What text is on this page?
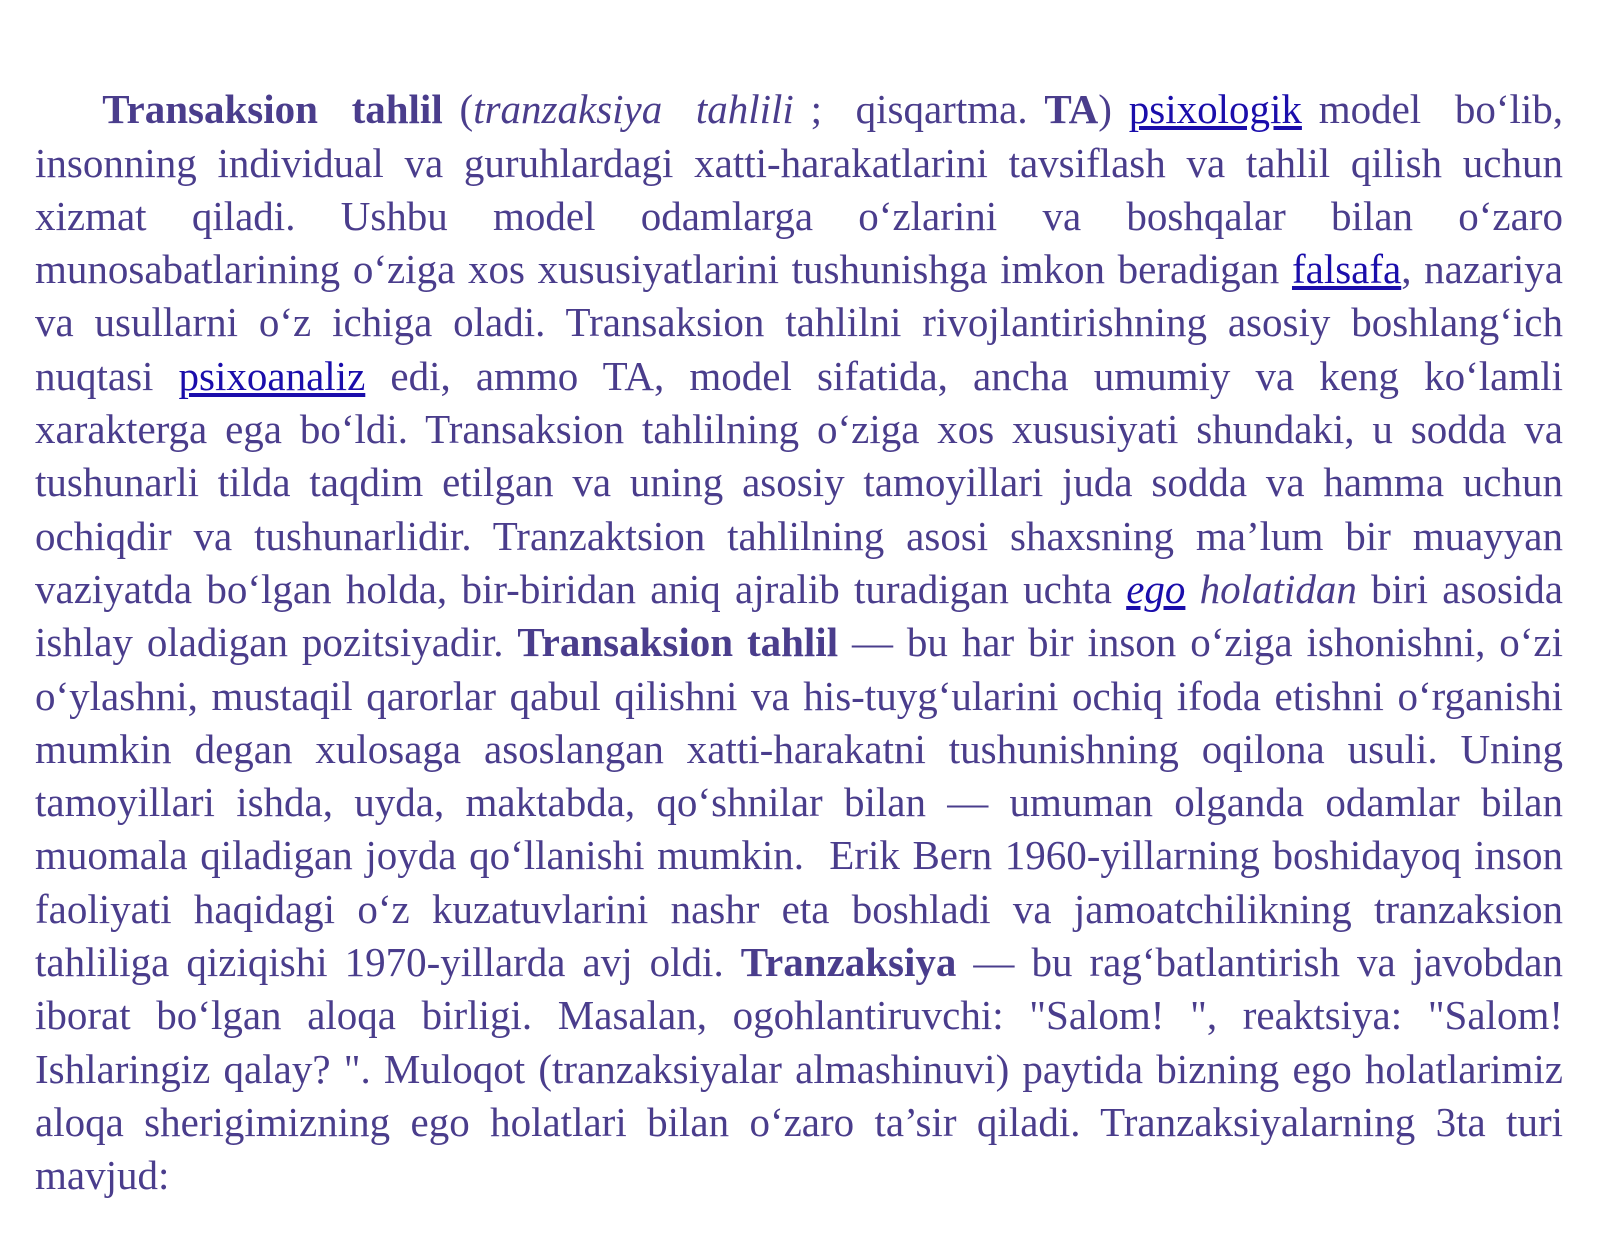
Transaksion  tahlil (tranzaksiya  tahlili ;  qisqartma. TA) psixologik model  bo‘lib, insonning individual va guruhlardagi xatti-harakatlarini tavsiflash va tahlil qilish uchun xizmat qiladi. Ushbu model odamlarga o‘zlarini va boshqalar bilan o‘zaro munosabatlarining o‘ziga xos xususiyatlarini tushunishga imkon beradigan falsafa, nazariya va usullarni o‘z ichiga oladi. Transaksion tahlilni rivojlantirishning asosiy boshlang‘ich nuqtasi psixoanaliz edi, ammo TA, model sifatida, ancha umumiy va keng ko‘lamli xarakterga ega bo‘ldi. Transaksion tahlilning o‘ziga xos xususiyati shundaki, u sodda va tushunarli tilda taqdim etilgan va uning asosiy tamoyillari juda sodda va hamma uchun ochiqdir va tushunarlidir. Tranzaktsion tahlilning asosi shaxsning ma’lum bir muayyan vaziyatda bo‘lgan holda, bir-biridan aniq ajralib turadigan uchta ego holatidan biri asosida ishlay oladigan pozitsiyadir. Transaksion tahlil — bu har bir inson o‘ziga ishonishni, o‘zi o‘ylashni, mustaqil qarorlar qabul qilishni va his-tuyg‘ularini ochiq ifoda etishni o‘rganishi mumkin degan xulosaga asoslangan xatti-harakatni tushunishning oqilona usuli. Uning tamoyillari ishda, uyda, maktabda, qo‘shnilar bilan — umuman olganda odamlar bilan muomala qiladigan joyda qo‘llanishi mumkin.  Erik Bern 1960-yillarning boshidayoq inson faoliyati haqidagi o‘z kuzatuvlarini nashr eta boshladi va jamoatchilikning tranzaksion tahliliga qiziqishi 1970-yillarda avj oldi. Tranzaksiya — bu rag‘batlantirish va javobdan iborat bo‘lgan aloqa birligi. Masalan, ogohlantiruvchi: "Salom! ", reaktsiya: "Salom! Ishlaringiz qalay? ". Muloqot (tranzaksiyalar almashinuvi) paytida bizning ego holatlarimiz aloqa sherigimizning ego holatlari bilan o‘zaro ta’sir qiladi. Tranzaksiyalarning 3ta turi mavjud:
